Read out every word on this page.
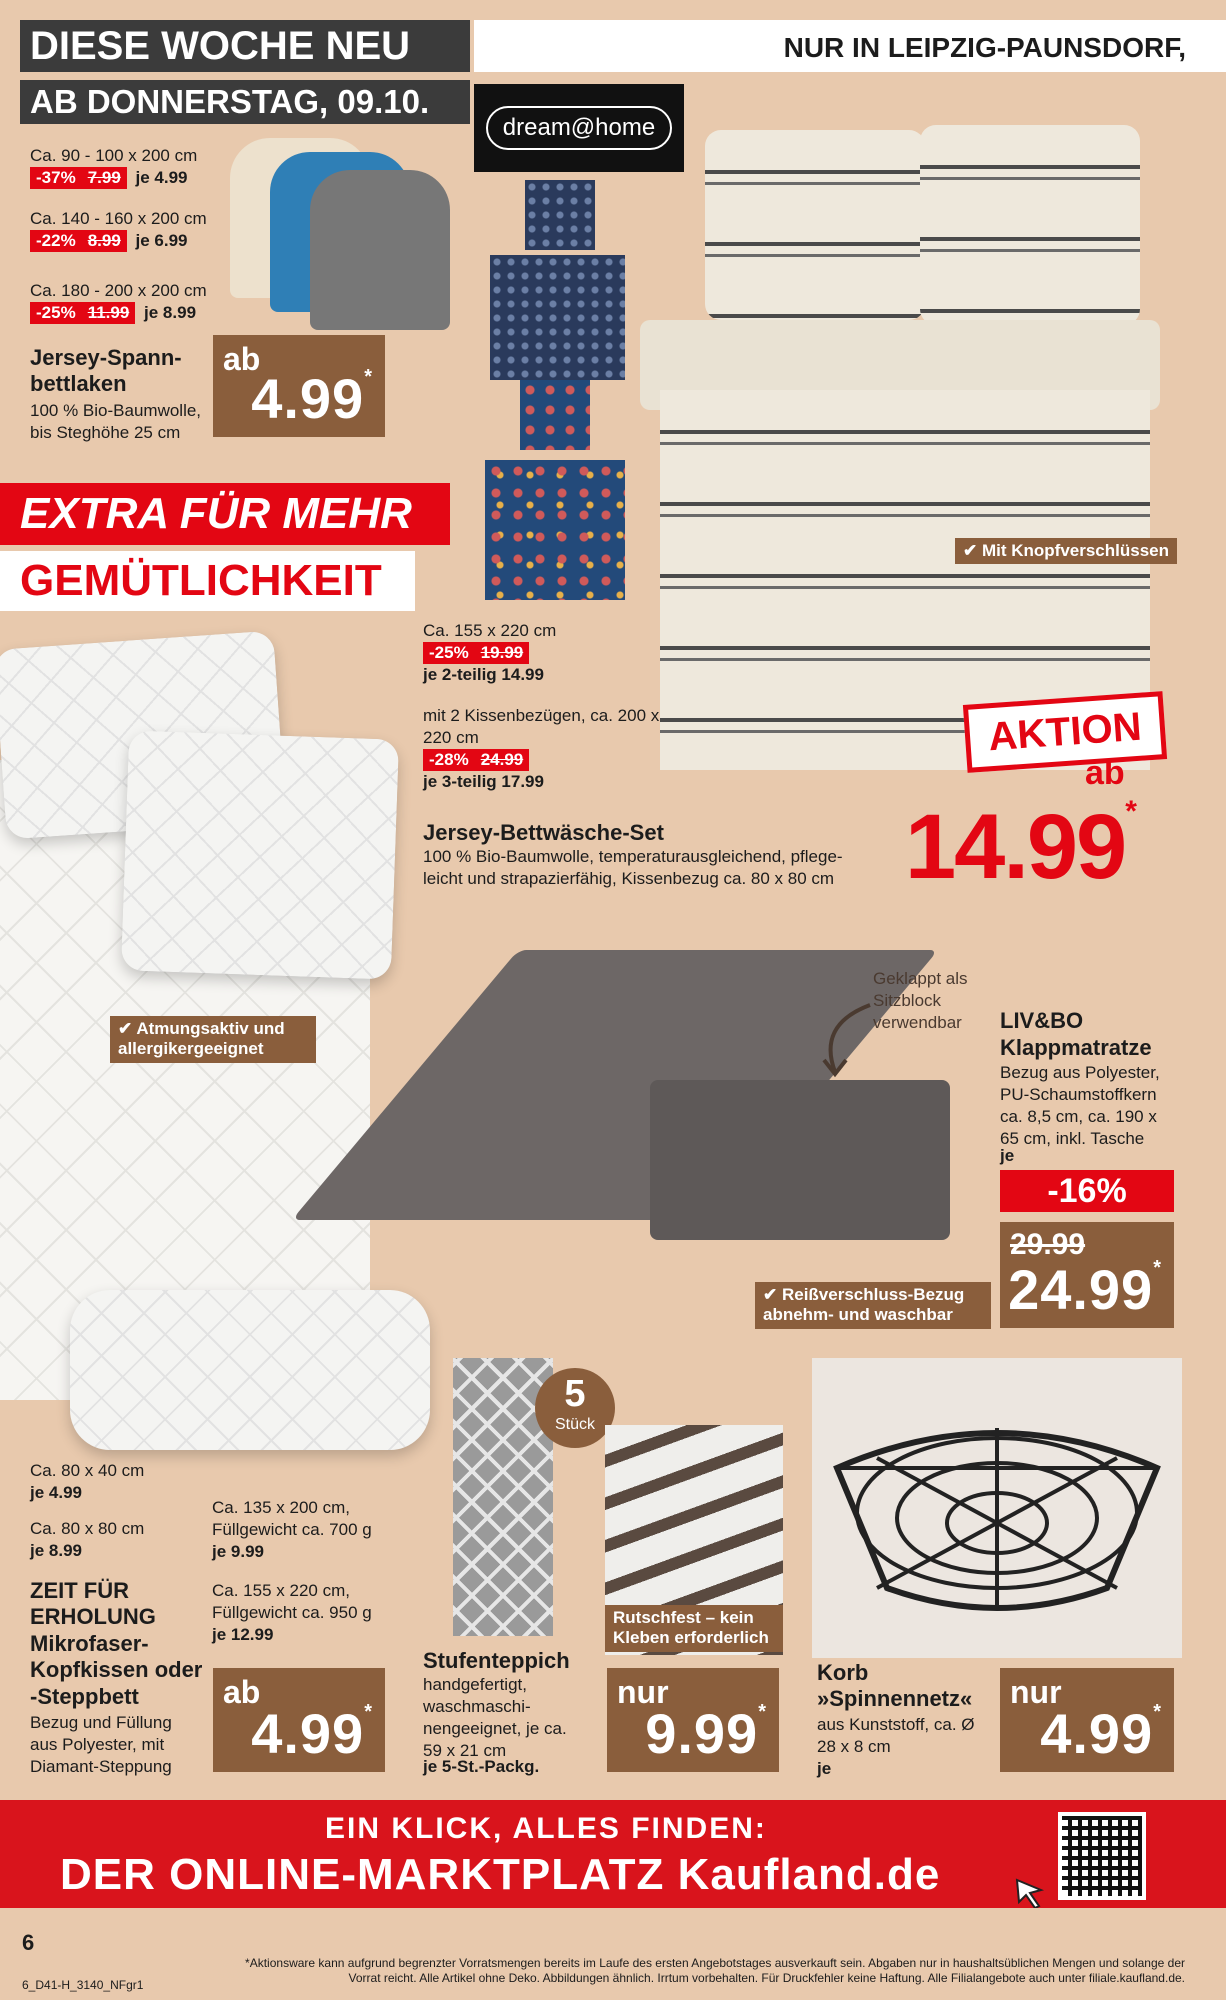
DIESE WOCHE NEU	NUR IN LEIPZIG-PAUNSDORF,
AB DONNERSTAG, 09.10.
dream@home
Ca. 90 - 100 x 200 cm
-37% 7.99 je 4.99
Ca. 140 - 160 x 200 cm
-22% 8.99 je 6.99
Ca. 180 - 200 x 200 cm
-25% 11.99 je 8.99
Jersey-Spann-bettlaken
100 % Bio-Baumwolle, bis Steghöhe 25 cm
ab
4.99*
✔ Mit Knopfverschlüssen
EXTRA FÜR MEHR
GEMÜTLICHKEIT
Ca. 155 x 220 cm
-25% 19.99
je 2-teilig 14.99
mit 2 Kissenbezügen, ca. 200 x 220 cm
-28% 24.99
je 3-teilig 17.99
Jersey-Bettwäsche-Set
100 % Bio-Baumwolle, temperaturausgleichend, pflege-leicht und strapazierfähig, Kissenbezug ca. 80 x 80 cm
AKTION
ab
14.99*
✔ Atmungsaktiv und allergikergeeignet
Geklappt als Sitzblock verwendbar	LIV&BO
Klappmatratze
Bezug aus Polyester, PU-Schaumstoffkern ca. 8,5 cm, ca. 190 x 65 cm, inkl. Tasche
je
-16%
29.99
24.99*
✔ Reißverschluss-Bezug abnehm- und waschbar
Ca. 80 x 40 cm
je 4.99
Ca. 80 x 80 cm
je 8.99
Ca. 135 x 200 cm, Füllgewicht ca. 700 g
je 9.99
Ca. 155 x 220 cm, Füllgewicht ca. 950 g
je 12.99
ZEIT FÜR ERHOLUNG Mikrofaser-Kopfkissen oder -Steppbett
Bezug und Füllung aus Polyester, mit Diamant-Steppung
ab
4.99*
5
Stück
Rutschfest – kein Kleben erforderlich
Stufenteppich
handgefertigt, waschmaschi-nengeeignet, je ca. 59 x 21 cm
je 5-St.-Packg.
nur
9.99*
Korb »Spinnennetz«
aus Kunststoff, ca. Ø 28 x 8 cm
je
nur
4.99*
EIN KLICK, ALLES FINDEN:
DER ONLINE-MARKTPLATZ Kaufland.de
6
6_D41-H_3140_NFgr1
*Aktionsware kann aufgrund begrenzter Vorratsmengen bereits im Laufe des ersten Angebotstages ausverkauft sein. Abgaben nur in haushaltsüblichen Mengen und solange der Vorrat reicht. Alle Artikel ohne Deko. Abbildungen ähnlich. Irrtum vorbehalten. Für Druckfehler keine Haftung. Alle Filialangebote auch unter filiale.kaufland.de.
